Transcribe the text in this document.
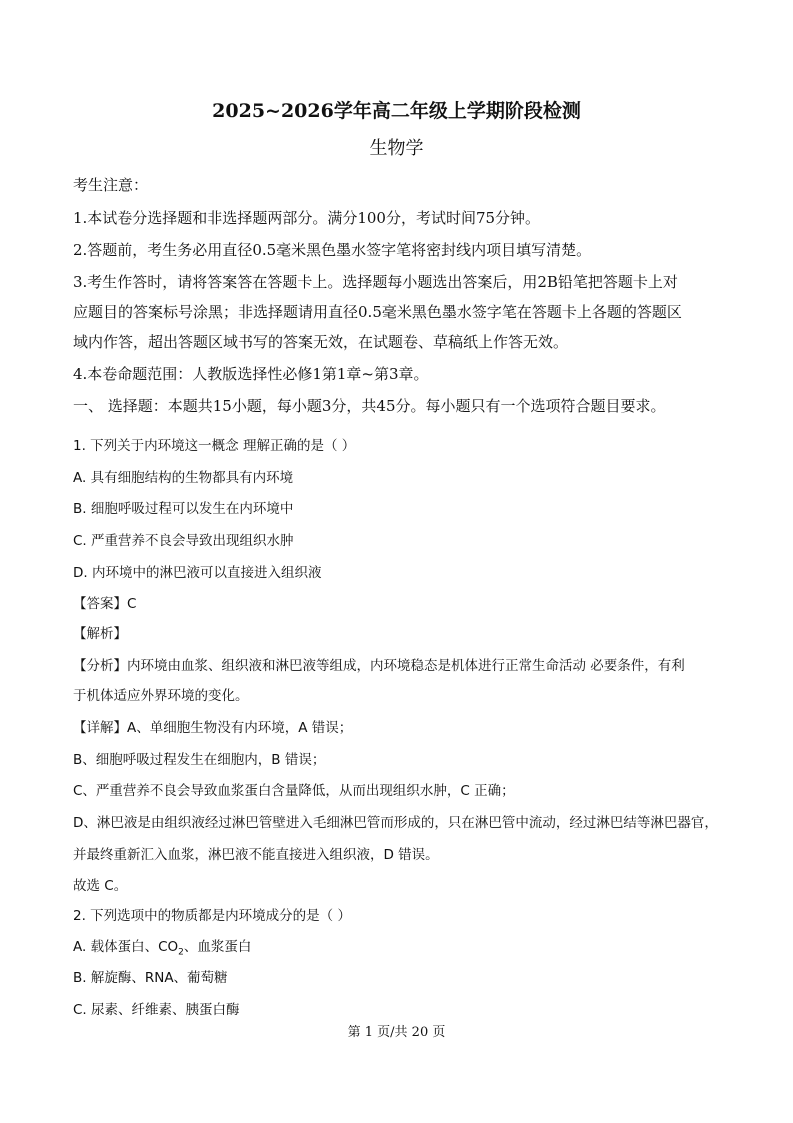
2025~2026学年高二年级上学期阶段检测
生物学
考生注意：
1.本试卷分选择题和非选择题两部分。满分100分，考试时间75分钟。
2.答题前，考生务必用直径0.5毫米黑色墨水签字笔将密封线内项目填写清楚。
3.考生作答时，请将答案答在答题卡上。选择题每小题选出答案后，用2B铅笔把答题卡上对
应题目的答案标号涂黑；非选择题请用直径0.5毫米黑色墨水签字笔在答题卡上各题的答题区
域内作答，超出答题区域书写的答案无效，在试题卷、草稿纸上作答无效。
4.本卷命题范围：人教版选择性必修1第1章~第3章。
一、 选择题：本题共15小题，每小题3分，共45分。每小题只有一个选项符合题目要求。
1. 下列关于内环境这一概念 理解正确的是（ ）
A. 具有细胞结构的生物都具有内环境
B. 细胞呼吸过程可以发生在内环境中
C. 严重营养不良会导致出现组织水肿
D. 内环境中的淋巴液可以直接进入组织液
【答案】C
【解析】
【分析】内环境由血浆、组织液和淋巴液等组成，内环境稳态是机体进行正常生命活动 必要条件，有利
于机体适应外界环境的变化。
【详解】A、单细胞生物没有内环境，A 错误；
B、细胞呼吸过程发生在细胞内，B 错误；
C、严重营养不良会导致血浆蛋白含量降低，从而出现组织水肿，C 正确；
D、淋巴液是由组织液经过淋巴管壁进入毛细淋巴管而形成的，只在淋巴管中流动，经过淋巴结等淋巴器官，
并最终重新汇入血浆，淋巴液不能直接进入组织液，D 错误。
故选 C。
2. 下列选项中的物质都是内环境成分的是（ ）
A. 载体蛋白、$CO_2$、血浆蛋白
B. 解旋酶、RNA、葡萄糖
C. 尿素、纤维素、胰蛋白酶
第 1 页/共 20 页
